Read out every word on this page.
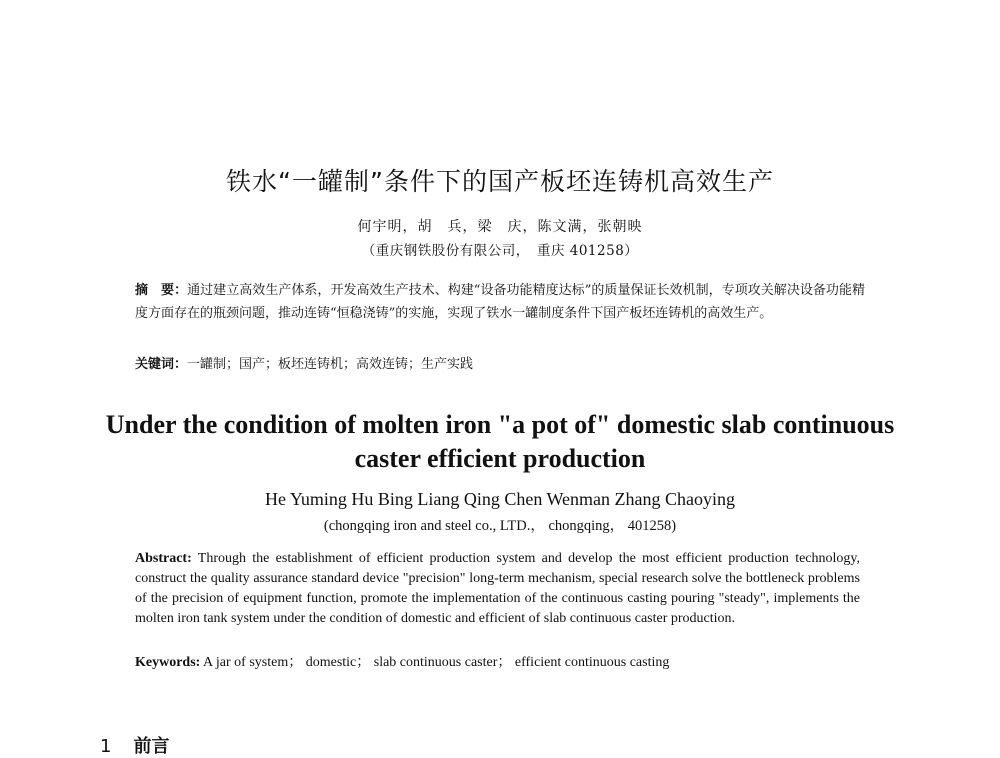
铁水“一罐制”条件下的国产板坯连铸机高效生产
何宇明，胡　兵，梁　庆，陈文满，张朝映
（重庆钢铁股份有限公司，　重庆 401258）
摘　要：通过建立高效生产体系，开发高效生产技术、构建“设备功能精度达标”的质量保证长效机制，专项攻关解决设备功能精度方面存在的瓶颈问题，推动连铸“恒稳浇铸”的实施，实现了铁水一罐制度条件下国产板坯连铸机的高效生产。
关键词：一罐制；国产；板坯连铸机；高效连铸；生产实践
Under the condition of molten iron "a pot of" domestic slab continuous caster efficient production
He Yuming Hu Bing Liang Qing Chen Wenman Zhang Chaoying
(chongqing iron and steel co., LTD.， chongqing， 401258)
Abstract: Through the establishment of efficient production system and develop the most efficient production technology, construct the quality assurance standard device "precision" long-term mechanism, special research solve the bottleneck problems of the precision of equipment function, promote the implementation of the continuous casting pouring "steady", implements the molten iron tank system under the condition of domestic and efficient of slab continuous caster production.
Keywords: A jar of system； domestic； slab continuous caster； efficient continuous casting
1 前言
